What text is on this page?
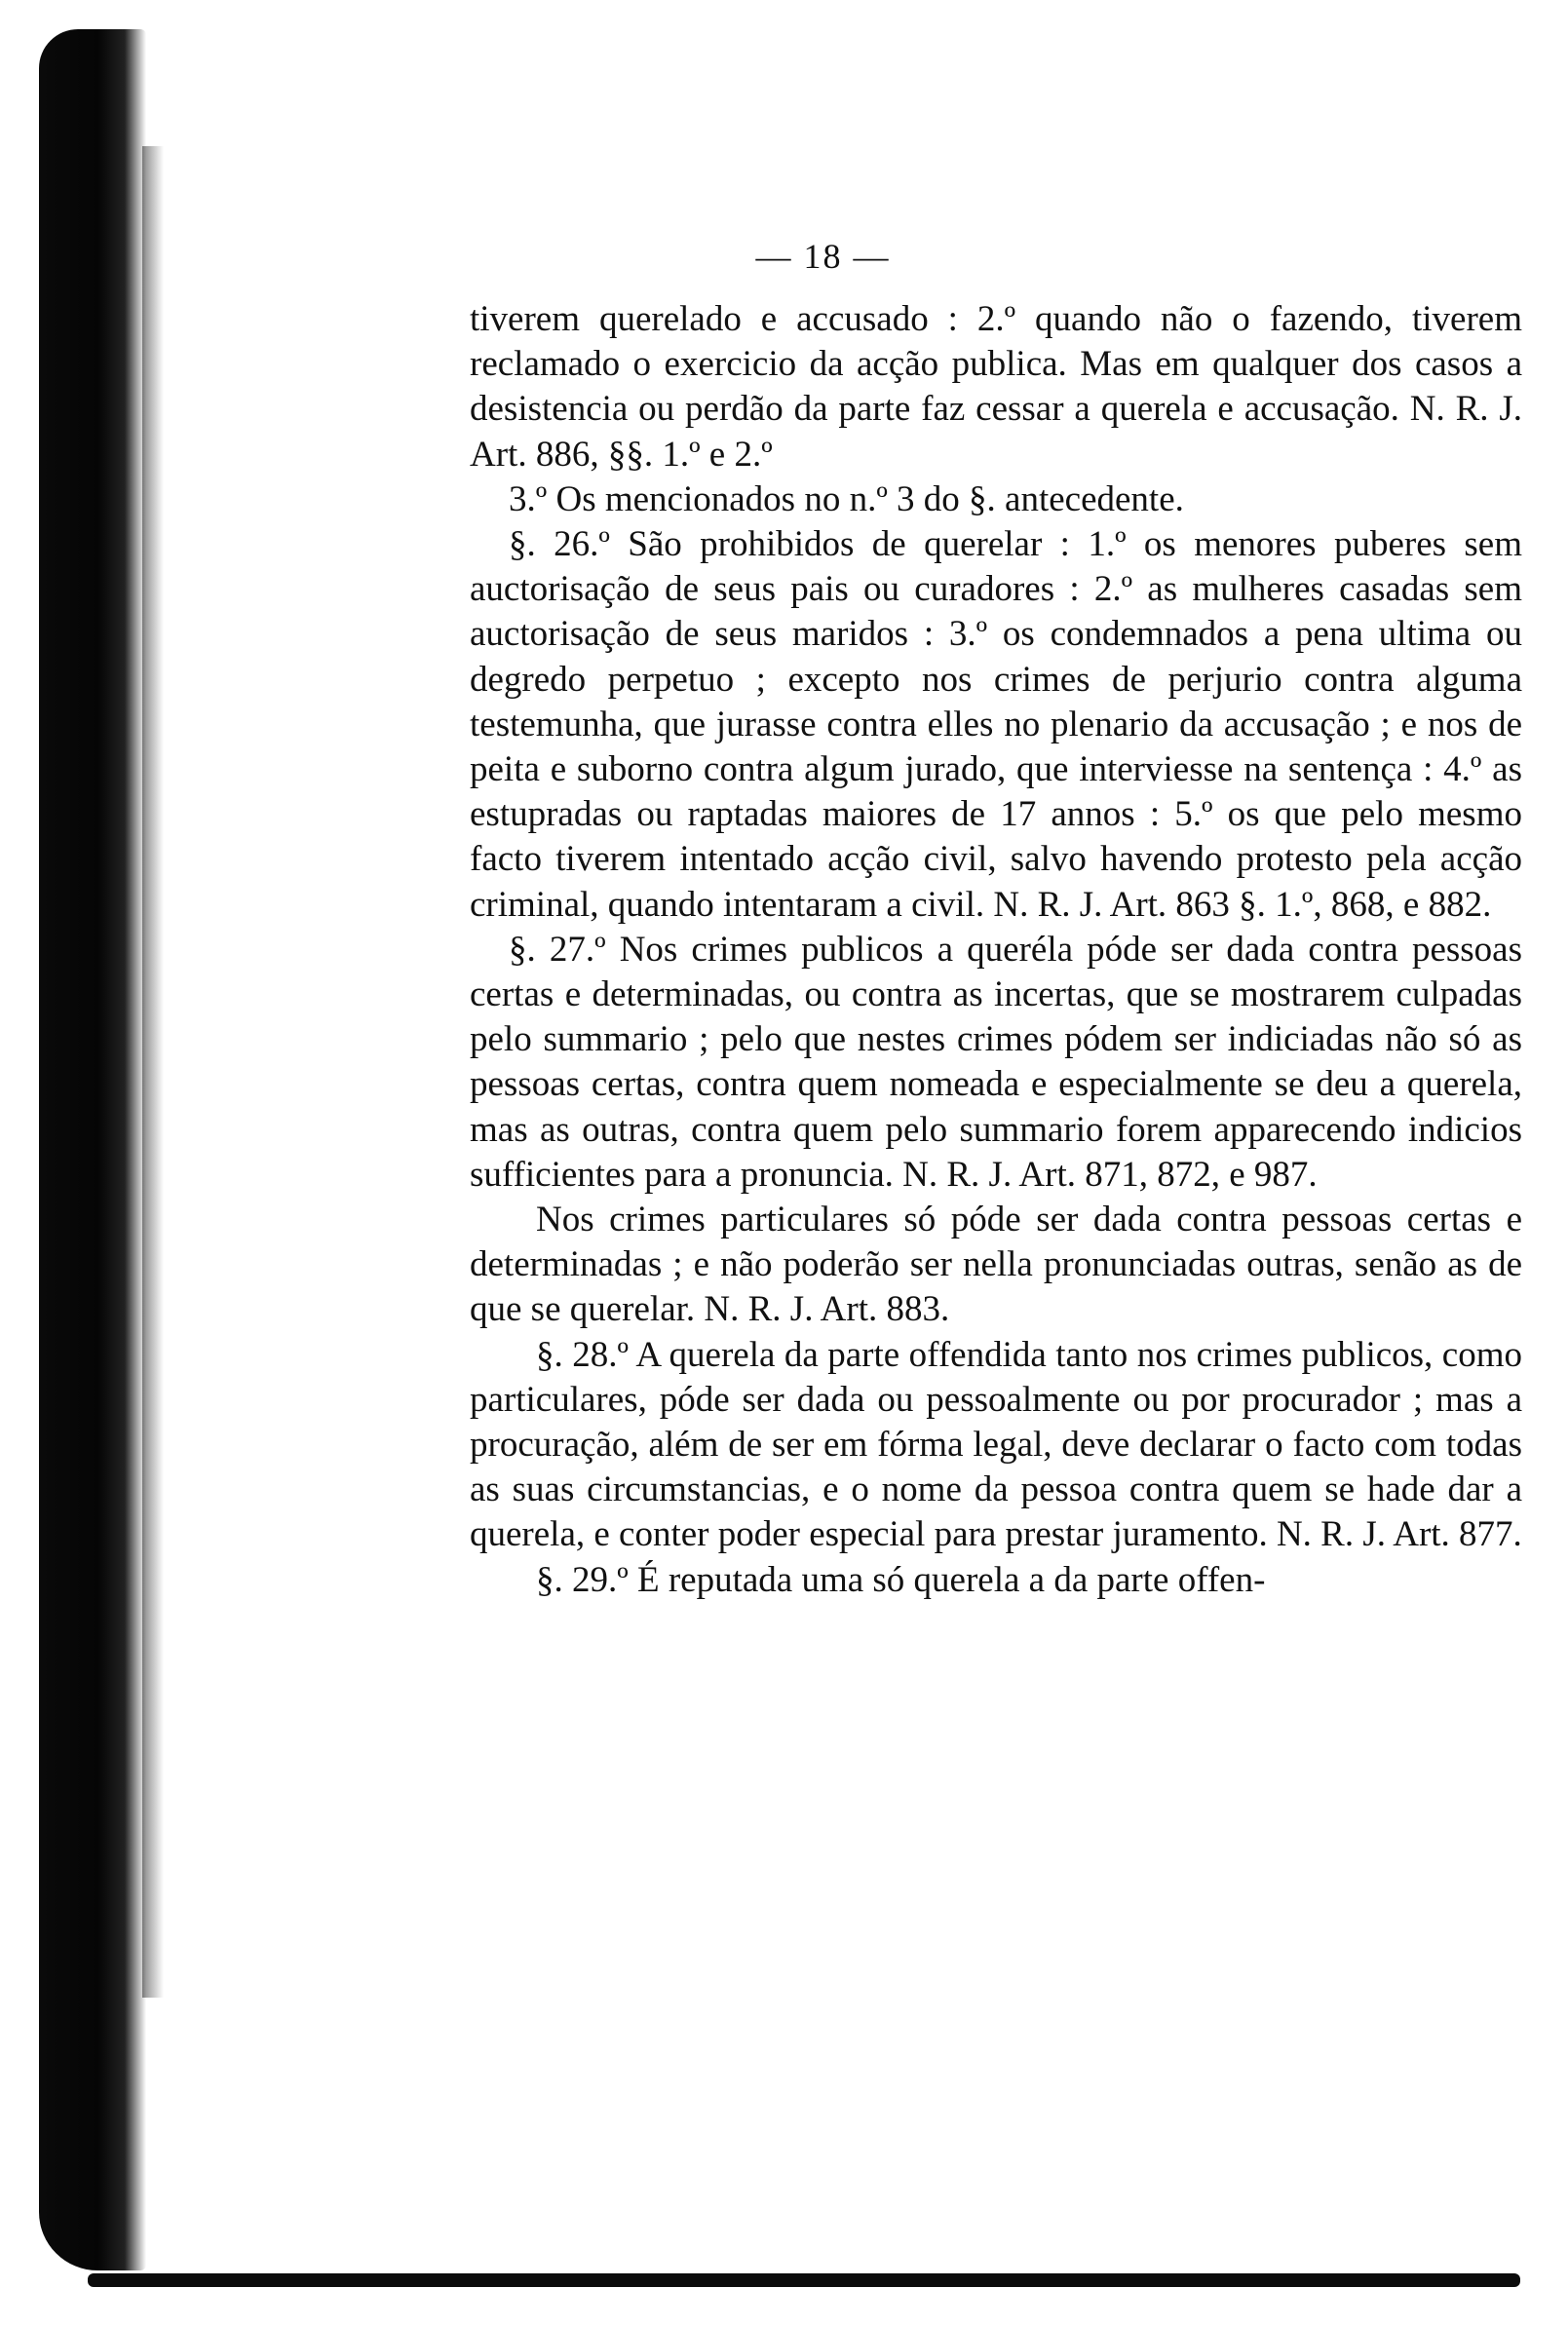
— 18 —

tiverem querelado e accusado : 2.º quando não o fazendo, tiverem reclamado o exercicio da acção publica. Mas em qualquer dos casos a desistencia ou perdão da parte faz cessar a querela e accusação. N. R. J. Art. 886, §§. 1.º e 2.º

3.º Os mencionados no n.º 3 do §. antecedente.

§. 26.º São prohibidos de querelar : 1.º os menores puberes sem auctorisação de seus pais ou curadores : 2.º as mulheres casadas sem auctorisação de seus maridos : 3.º os condemnados a pena ultima ou degredo perpetuo ; excepto nos crimes de perjurio contra alguma testemunha, que jurasse contra elles no plenario da accusação ; e nos de peita e suborno contra algum jurado, que interviesse na sentença : 4.º as estupradas ou raptadas maiores de 17 annos : 5.º os que pelo mesmo facto tiverem intentado acção civil, salvo havendo protesto pela acção criminal, quando intentaram a civil. N. R. J. Art. 863 §. 1.º, 868, e 882.

§. 27.º Nos crimes publicos a queréla póde ser dada contra pessoas certas e determinadas, ou contra as incertas, que se mostrarem culpadas pelo summario ; pelo que nestes crimes pódem ser indiciadas não só as pessoas certas, contra quem nomeada e especialmente se deu a querela, mas as outras, contra quem pelo summario forem apparecendo indicios sufficientes para a pronuncia. N. R. J. Art. 871, 872, e 987.

Nos crimes particulares só póde ser dada contra pessoas certas e determinadas ; e não poderão ser nella pronunciadas outras, senão as de que se querelar. N. R. J. Art. 883.

§. 28.º A querela da parte offendida tanto nos crimes publicos, como particulares, póde ser dada ou pessoalmente ou por procurador ; mas a procuração, além de ser em fórma legal, deve declarar o facto com todas as suas circumstancias, e o nome da pessoa contra quem se hade dar a querela, e conter poder especial para prestar juramento. N. R. J. Art. 877.

§. 29.º É reputada uma só querela a da parte offen-
